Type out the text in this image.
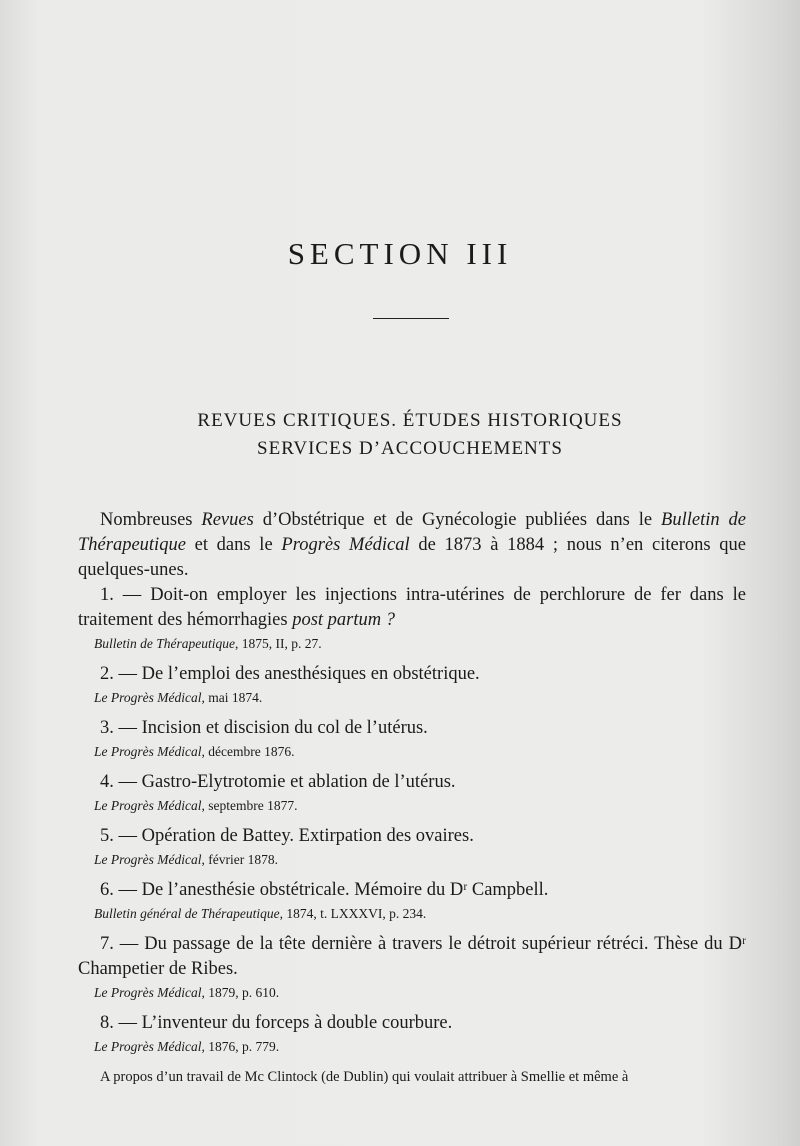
SECTION III
REVUES CRITIQUES. ÉTUDES HISTORIQUES
SERVICES D’ACCOUCHEMENTS

Nombreuses Revues d’Obstétrique et de Gynécologie publiées dans le Bulletin de Thérapeutique et dans le Progrès Médical de 1873 à 1884 ; nous n’en citerons que quelques-unes.

1. — Doit-on employer les injections intra-utérines de perchlorure de fer dans le traitement des hémorrhagies post partum ?

Bulletin de Thérapeutique, 1875, II, p. 27.

2. — De l’emploi des anesthésiques en obstétrique.

Le Progrès Médical, mai 1874.

3. — Incision et discision du col de l’utérus.

Le Progrès Médical, décembre 1876.

4. — Gastro-Elytrotomie et ablation de l’utérus.

Le Progrès Médical, septembre 1877.

5. — Opération de Battey. Extirpation des ovaires.

Le Progrès Médical, février 1878.

6. — De l’anesthésie obstétricale. Mémoire du Dʳ Campbell.

Bulletin général de Thérapeutique, 1874, t. LXXXVI, p. 234.

7. — Du passage de la tête dernière à travers le détroit supérieur rétréci. Thèse du Dʳ Champetier de Ribes.

Le Progrès Médical, 1879, p. 610.

8. — L’inventeur du forceps à double courbure.

Le Progrès Médical, 1876, p. 779.

A propos d’un travail de Mc Clintock (de Dublin) qui voulait attribuer à Smellie et même à
